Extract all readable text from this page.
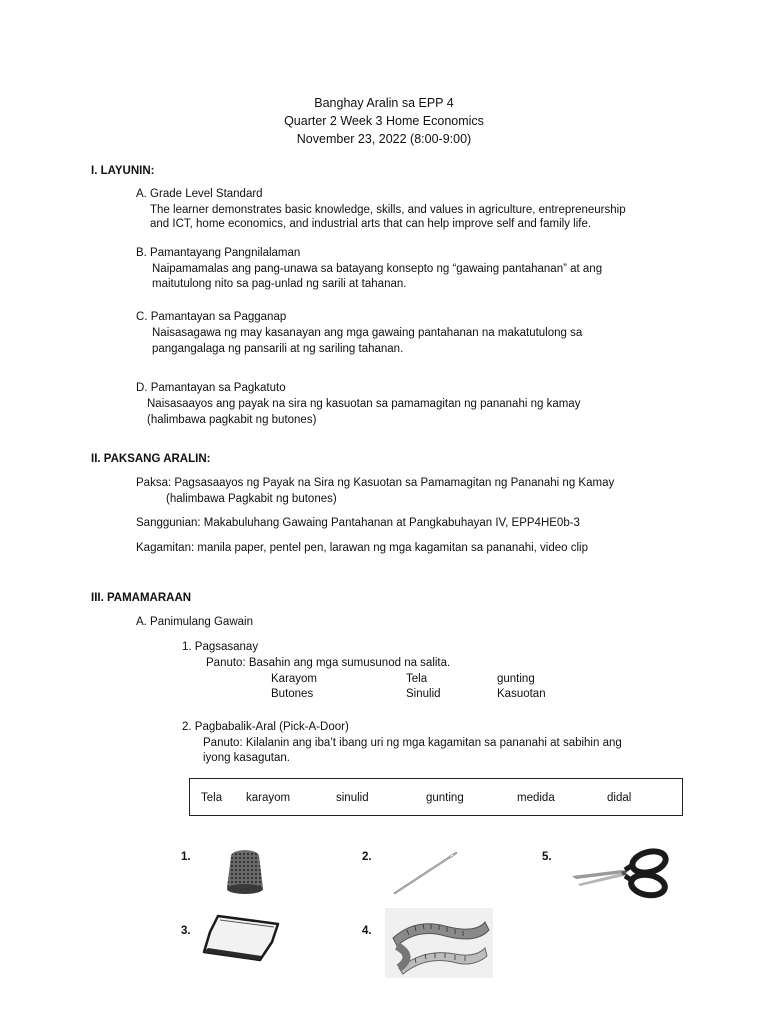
Banghay Aralin sa EPP 4
Quarter 2 Week 3 Home Economics
November 23, 2022 (8:00-9:00)
I. LAYUNIN:
A. Grade Level Standard
The learner demonstrates basic knowledge, skills, and values in agriculture, entrepreneurship
and ICT, home economics, and industrial arts that can help improve self and family life.
B. Pamantayang Pangnilalaman
Naipamamalas ang pang-unawa sa batayang konsepto ng “gawaing pantahanan” at ang
maitutulong nito sa pag-unlad ng sarili at tahanan.
C. Pamantayan sa Pagganap
Naisasagawa ng may kasanayan ang mga gawaing pantahanan na makatutulong sa
pangangalaga ng pansarili at ng sariling tahanan.
D. Pamantayan sa Pagkatuto
Naisasaayos ang payak na sira ng kasuotan sa pamamagitan ng pananahi ng kamay
(halimbawa pagkabit ng butones)
II. PAKSANG ARALIN:
Paksa: Pagsasaayos ng Payak na Sira ng Kasuotan sa Pamamagitan ng Pananahi ng Kamay
(halimbawa Pagkabit ng butones)
Sanggunian: Makabuluhang Gawaing Pantahanan at Pangkabuhayan IV, EPP4HE0b-3
Kagamitan: manila paper, pentel pen, larawan ng mga kagamitan sa pananahi, video clip
III. PAMAMARAAN
A. Panimulang Gawain
1. Pagsasanay
Panuto: Basahin ang mga sumusunod na salita.
Karayom	Tela	gunting
Butones	Sinulid	Kasuotan
2. Pagbabalik-Aral (Pick-A-Door)
Panuto: Kilalanin ang iba’t ibang uri ng mga kagamitan sa pananahi at sabihin ang
iyong kasagutan.
Tela karayom	sinulid	gunting	medida	didal
1.	2.	5.
3.	4.
